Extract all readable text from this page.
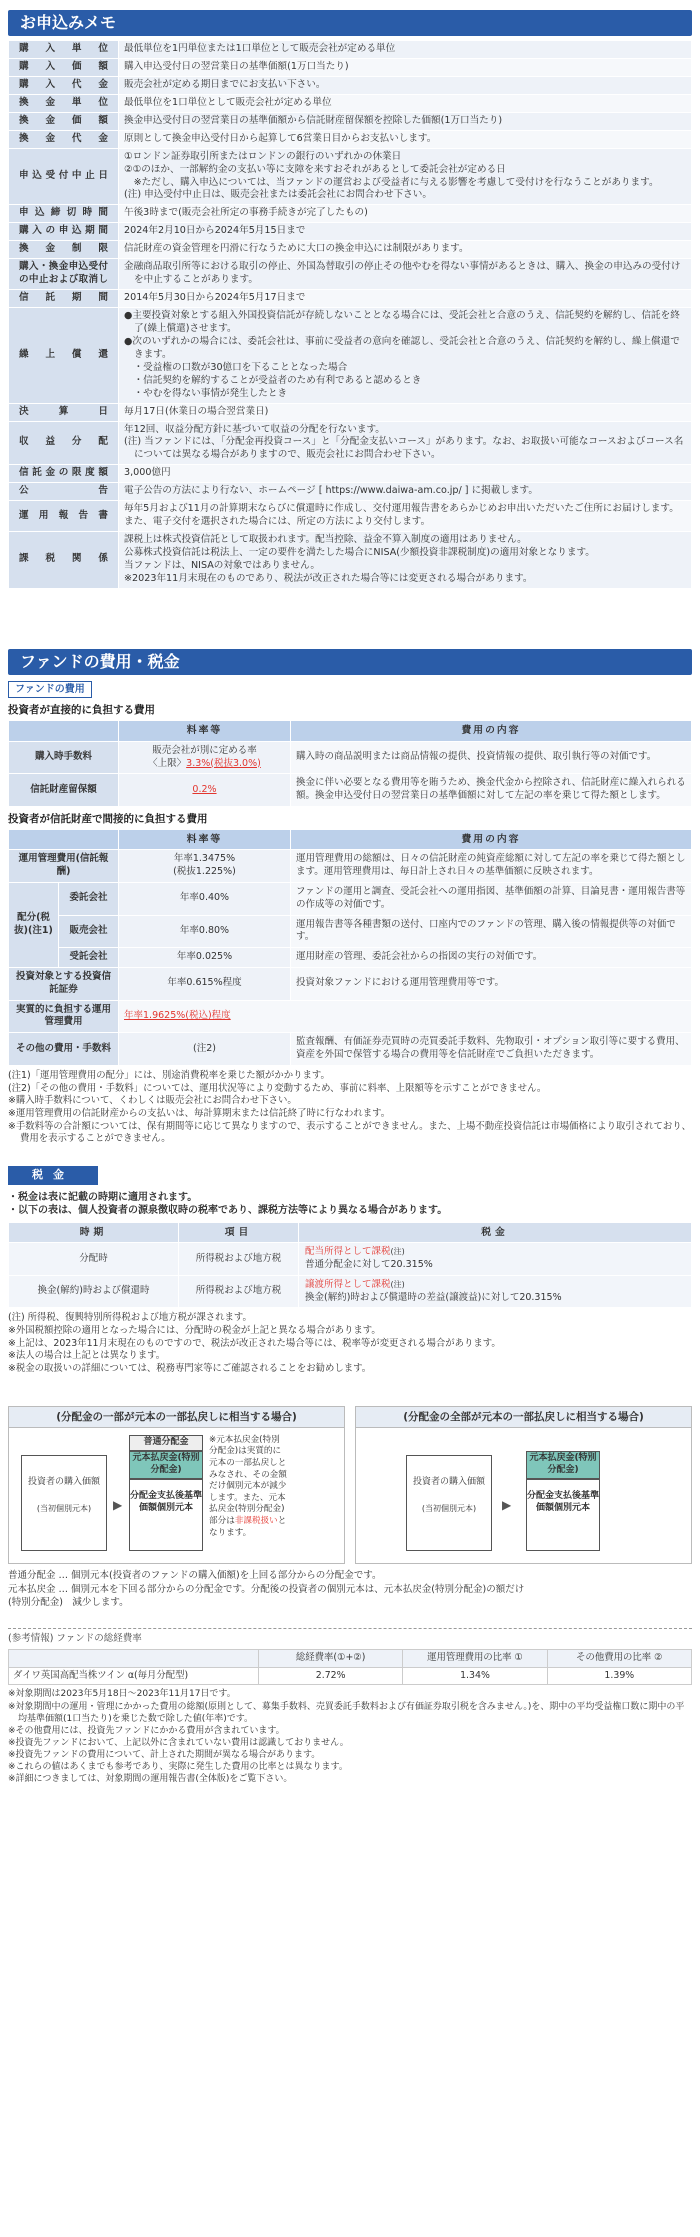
お申込みメモ
購入単位	最低単位を1円単位または1口単位として販売会社が定める単位

購入価額	購入申込受付日の翌営業日の基準価額(1万口当たり)

購入代金	販売会社が定める期日までにお支払い下さい。

換金単位	最低単位を1口単位として販売会社が定める単位

換金価額	換金申込受付日の翌営業日の基準価額から信託財産留保額を控除した価額(1万口当たり)

換金代金	原則として換金申込受付日から起算して6営業日目からお支払いします。

申込受付中止日	①ロンドン証券取引所またはロンドンの銀行のいずれかの休業日
②①のほか、一部解約金の支払い等に支障を来すおそれがあるとして委託会社が定める日
　※ただし、購入申込については、当ファンドの運営および受益者に与える影響を考慮して受付けを行なうことがあります。
(注) 申込受付中止日は、販売会社または委託会社にお問合わせ下さい。

申込締切時間	午後3時まで(販売会社所定の事務手続きが完了したもの)

購入の申込期間	2024年2月10日から2024年5月15日まで

換金制限	信託財産の資金管理を円滑に行なうために大口の換金申込には制限があります。

購入・換金申込受付の中止および取消し	金融商品取引所等における取引の停止、外国為替取引の停止その他やむを得ない事情があるときは、購入、換金の申込みの受付けを中止することがあります。

信託期間	2014年5月30日から2024年5月17日まで

繰上償還	●主要投資対象とする組入外国投資信託が存続しないこととなる場合には、受託会社と合意のうえ、信託契約を解約し、信託を終了(繰上償還)させます。
●次のいずれかの場合には、委託会社は、事前に受益者の意向を確認し、受託会社と合意のうえ、信託契約を解約し、繰上償還できます。
　・受益権の口数が30億口を下ることとなった場合
　・信託契約を解約することが受益者のため有利であると認めるとき
　・やむを得ない事情が発生したとき

決算日	毎月17日(休業日の場合翌営業日)

収益分配	年12回、収益分配方針に基づいて収益の分配を行ないます。
(注) 当ファンドには、「分配金再投資コース」と「分配金支払いコース」があります。なお、お取扱い可能なコースおよびコース名については異なる場合がありますので、販売会社にお問合わせ下さい。

信託金の限度額	3,000億円

公告	電子公告の方法により行ない、ホームページ [ https://www.daiwa-am.co.jp/ ] に掲載します。

運用報告書	毎年5月および11月の計算期末ならびに償還時に作成し、交付運用報告書をあらかじめお申出いただいたご住所にお届けします。
また、電子交付を選択された場合には、所定の方法により交付します。

課税関係	課税上は株式投資信託として取扱われます。配当控除、益金不算入制度の適用はありません。
公募株式投資信託は税法上、一定の要件を満たした場合にNISA(少額投資非課税制度)の適用対象となります。
当ファンドは、NISAの対象ではありません。
※2023年11月末現在のものであり、税法が改正された場合等には変更される場合があります。
ファンドの費用・税金
ファンドの費用
投資者が直接的に負担する費用
	料率等	費用の内容
購入時手数料	販売会社が別に定める率
〈上限〉3.3%(税抜3.0%)	購入時の商品説明または商品情報の提供、投資情報の提供、取引執行等の対価です。
信託財産留保額	0.2%	換金に伴い必要となる費用等を賄うため、換金代金から控除され、信託財産に繰入れられる額。換金申込受付日の翌営業日の基準価額に対して左記の率を乗じて得た額とします。
投資者が信託財産で間接的に負担する費用
		料率等	費用の内容
運用管理費用(信託報酬)		年率1.3475%
(税抜1.225%)	運用管理費用の総額は、日々の信託財産の純資産総額に対して左記の率を乗じて得た額とします。運用管理費用は、毎日計上され日々の基準価額に反映されます。
配分(税抜)(注1)	委託会社	年率0.40%	ファンドの運用と調査、受託会社への運用指図、基準価額の計算、目論見書・運用報告書等の作成等の対価です。
	販売会社	年率0.80%	運用報告書等各種書類の送付、口座内でのファンドの管理、購入後の情報提供等の対価です。
	受託会社	年率0.025%	運用財産の管理、委託会社からの指図の実行の対価です。
投資対象とする投資信託証券		年率0.615%程度	投資対象ファンドにおける運用管理費用等です。
実質的に負担する運用管理費用		年率1.9625%(税込)程度	
その他の費用・手数料		(注2)	監査報酬、有価証券売買時の売買委託手数料、先物取引・オプション取引等に要する費用、資産を外国で保管する場合の費用等を信託財産でご負担いただきます。
(注1)「運用管理費用の配分」には、別途消費税率を乗じた額がかかります。
(注2)「その他の費用・手数料」については、運用状況等により変動するため、事前に料率、上限額等を示すことができません。
※購入時手数料について、くわしくは販売会社にお問合わせ下さい。
※運用管理費用の信託財産からの支払いは、毎計算期末または信託終了時に行なわれます。
※手数料等の合計額については、保有期間等に応じて異なりますので、表示することができません。また、上場不動産投資信託は市場価格により取引されており、費用を表示することができません。
税金
・税金は表に記載の時期に適用されます。
・以下の表は、個人投資者の源泉徴収時の税率であり、課税方法等により異なる場合があります。
時期	項目	税金
分配時	所得税および地方税	配当所得として課税(注)
普通分配金に対して20.315%

換金(解約)時および償還時	所得税および地方税	譲渡所得として課税(注)
換金(解約)時および償還時の差益(譲渡益)に対して20.315%
(注) 所得税、復興特別所得税および地方税が課されます。
※外国税額控除の適用となった場合には、分配時の税金が上記と異なる場合があります。
※上記は、2023年11月末現在のものですので、税法が改正された場合等には、税率等が変更される場合があります。
※法人の場合は上記とは異なります。
※税金の取扱いの詳細については、税務専門家等にご確認されることをお勧めします。
(分配金の一部が元本の一部払戻しに相当する場合)
投資者の購入価額
(当初個別元本)	▶
普通分配金
元本払戻金(特別分配金)
分配金支払後基準価額個別元本
※元本払戻金(特別分配金)は実質的に元本の一部払戻しとみなされ、その金額だけ個別元本が減少します。また、元本払戻金(特別分配金)部分は非課税扱いとなります。
(分配金の全部が元本の一部払戻しに相当する場合)
投資者の購入価額
(当初個別元本)	▶
元本払戻金(特別分配金)
分配金支払後基準価額個別元本
普通分配金 … 個別元本(投資者のファンドの購入価額)を上回る部分からの分配金です。
元本払戻金 … 個別元本を下回る部分からの分配金です。分配後の投資者の個別元本は、元本払戻金(特別分配金)の額だけ
(特別分配金)　減少します。
(参考情報) ファンドの総経費率
	総経費率(①+②)	運用管理費用の比率 ①	その他費用の比率 ②
ダイワ英国高配当株ツイン α(毎月分配型)	2.72%	1.34%	1.39%
※対象期間は2023年5月18日～2023年11月17日です。
※対象期間中の運用・管理にかかった費用の総額(原則として、募集手数料、売買委託手数料および有価証券取引税を含みません。)を、期中の平均受益権口数に期中の平均基準価額(1口当たり)を乗じた数で除した値(年率)です。
※その他費用には、投資先ファンドにかかる費用が含まれています。
※投資先ファンドにおいて、上記以外に含まれていない費用は認識しておりません。
※投資先ファンドの費用について、計上された期間が異なる場合があります。
※これらの値はあくまでも参考であり、実際に発生した費用の比率とは異なります。
※詳細につきましては、対象期間の運用報告書(全体版)をご覧下さい。
